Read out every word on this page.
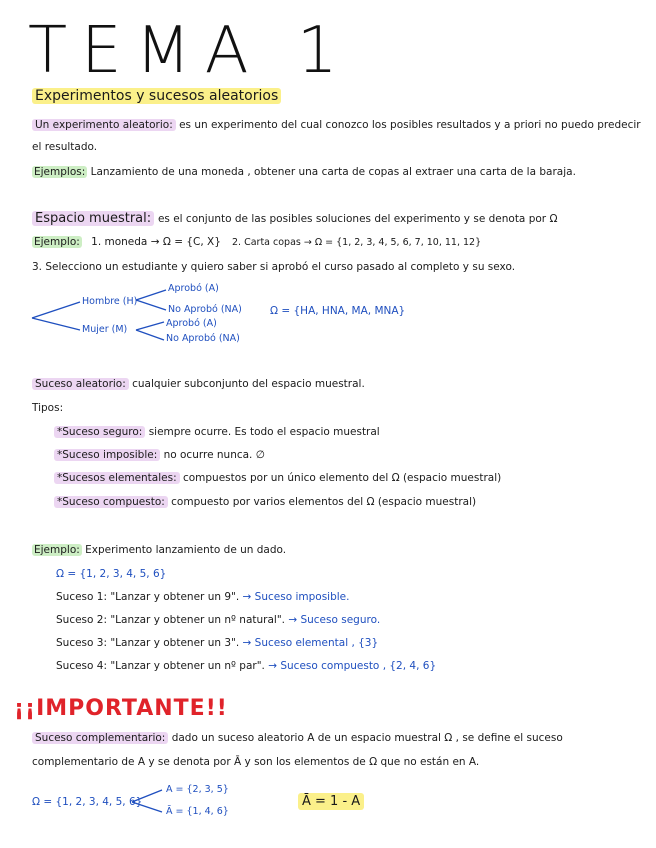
TEMA 1
Experimentos y sucesos aleatorios
Un experimento aleatorio: es un experimento del cual conozco los posibles resultados y a priori no puedo predecir
el resultado.
Ejemplos: Lanzamiento de una moneda , obtener una carta de copas al extraer una carta de la baraja.
Espacio muestral: es el conjunto de las posibles soluciones del experimento y se denota por Ω
Ejemplo: 1. moneda → Ω = {C, X} 2. Carta copas → Ω = {1, 2, 3, 4, 5, 6, 7, 10, 11, 12}
3. Selecciono un estudiante y quiero saber si aprobó el curso pasado al completo y su sexo.
Hombre (H)
Mujer (M)
Aprobó (A)
No Aprobó (NA)
Aprobó (A)
No Aprobó (NA)
Ω = {HA, HNA, MA, MNA}
Suceso aleatorio: cualquier subconjunto del espacio muestral.
Tipos:
*Suceso seguro: siempre ocurre. Es todo el espacio muestral
*Suceso imposible: no ocurre nunca. ∅
*Sucesos elementales: compuestos por un único elemento del Ω (espacio muestral)
*Suceso compuesto: compuesto por varios elementos del Ω (espacio muestral)
Ejemplo: Experimento lanzamiento de un dado.
Ω = {1, 2, 3, 4, 5, 6}
Suceso 1: "Lanzar y obtener un 9". → Suceso imposible.
Suceso 2: "Lanzar y obtener un nº natural". → Suceso seguro.
Suceso 3: "Lanzar y obtener un 3". → Suceso elemental , {3}
Suceso 4: "Lanzar y obtener un nº par". → Suceso compuesto , {2, 4, 6}
¡¡IMPORTANTE!!
Suceso complementario: dado un suceso aleatorio A de un espacio muestral Ω , se define el suceso
complementario de A y se denota por Ā y son los elementos de Ω que no están en A.
Ω = {1, 2, 3, 4, 5, 6}
A = {2, 3, 5}
Ā = {1, 4, 6}
Ā = 1 - A
